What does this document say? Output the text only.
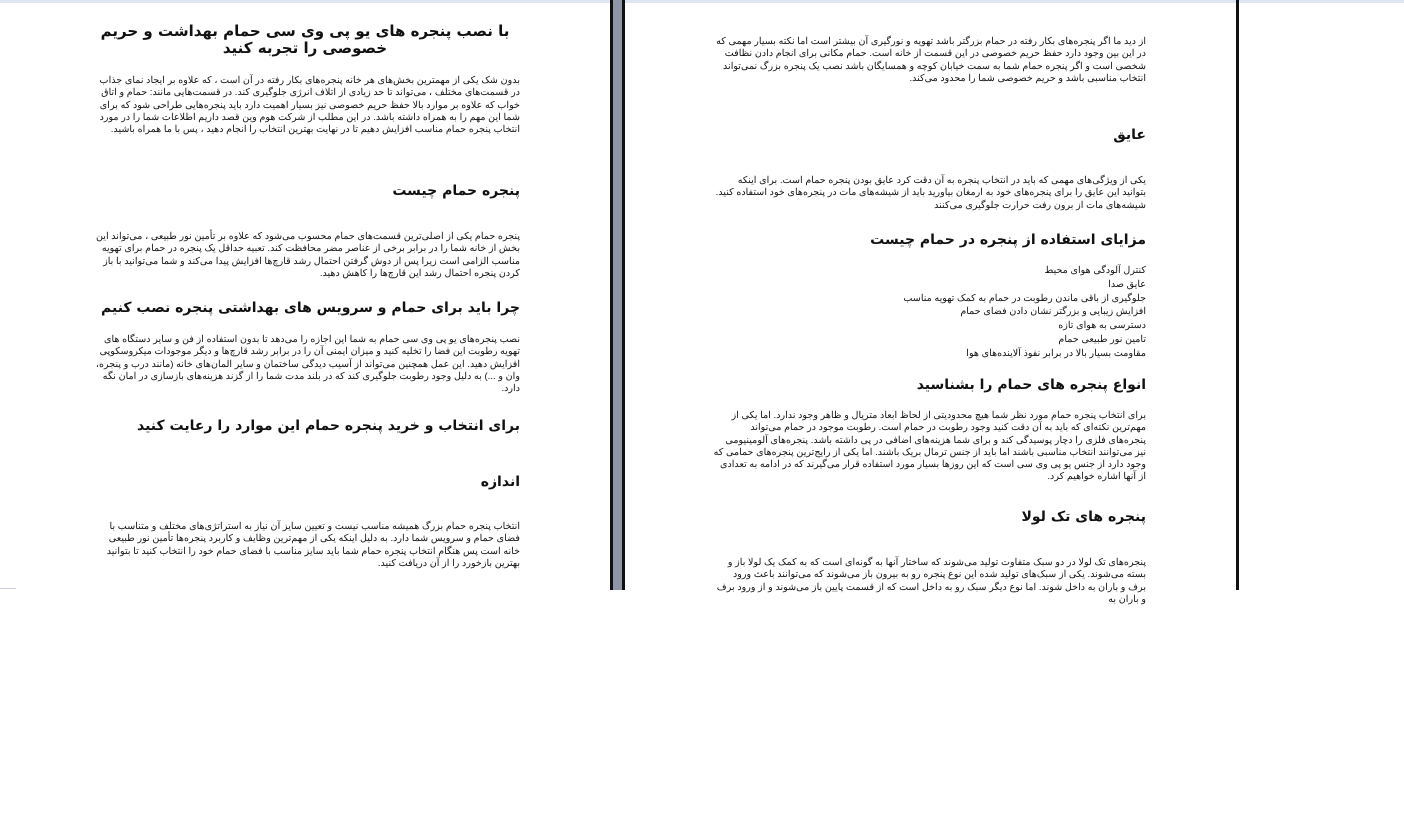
با نصب پنجره های یو پی وی سی حمام بهداشت و حریم خصوصی را تجربه کنید

بدون شک یکی از مهمترین بخش‌های هر خانه پنجره‌های بکار رفته در آن است ، که علاوه بر ایجاد نمای جذاب در قسمت‌های مختلف ، می‌تواند تا حد زیادی از اتلاف انرژی جلوگیری کند. در قسمت‌هایی مانند: حمام و اتاق خواب که علاوه بر موارد بالا حفظ حریم خصوصی نیز بسیار اهمیت دارد باید پنجره‌هایی طراحی شود که برای شما این مهم را به همراه داشته باشد. در این مطلب از شرکت هوم وین قصد داریم اطلاعات شما را در مورد انتخاب پنجره حمام مناسب افزایش دهیم تا در نهایت بهترین انتخاب را انجام دهید ، پس با ما همراه باشید.

پنجره حمام چیست

پنجره حمام یکی از اصلی‌ترین قسمت‌های حمام محسوب می‌شود که علاوه بر تأمین نور طبیعی ، می‌تواند این بخش از خانه شما را در برابر برخی از عناصر مضر محافظت کند. تعبیه حداقل یک پنجره در حمام برای تهویه مناسب الزامی است زیرا پس از دوش گرفتن احتمال رشد قارچ‌ها افزایش پیدا می‌کند و شما می‌توانید با باز کردن پنجره احتمال رشد این قارچ‌ها را کاهش دهید.

چرا باید برای حمام و سرویس های بهداشتی پنجره نصب کنیم

نصب پنجره‌های یو پی وی سی حمام به شما این اجازه را می‌دهد تا بدون استفاده از فن و سایر دستگاه های تهویه رطوبت این فضا را تخلیه کنید و میزان ایمنی آن را در برابر رشد قارچ‌ها و دیگر موجودات میکروسکوپی افزایش دهید. این عمل همچنین می‌تواند از آسیب دیدگی ساختمان و سایر المان‌های خانه (مانند درب و پنجره، وان و ...) به دلیل وجود رطوبت جلوگیری کند که در بلند مدت شما را از گزند هزینه‌های بازسازی در امان نگه دارد.

برای انتخاب و خرید پنجره حمام این موارد را رعایت کنید
اندازه

انتخاب پنجره حمام بزرگ همیشه مناسب نیست و تعیین سایز آن نیاز به استراتژی‌های مختلف و متناسب با فضای حمام و سرویس شما دارد. به دلیل اینکه یکی از مهم‌ترین وظایف و کاربرد پنجره‌ها تأمین نور طبیعی خانه است پس هنگام انتخاب پنجره حمام شما باید سایز مناسب با فضای حمام خود را انتخاب کنید تا بتوانید بهترین بازخورد را از آن دریافت کنید.

از دید ما اگر پنجره‌های بکار رفته در حمام بزرگتر باشد تهویه و نورگیری آن بیشتر است اما نکته بسیار مهمی که در این بین وجود دارد حفظ حریم خصوصی در این قسمت از خانه است. حمام مکانی برای انجام دادن نظافت شخصی است و اگر پنجره حمام شما به سمت خیابان کوچه و همسایگان باشد نصب یک پنجره بزرگ نمی‌تواند انتخاب مناسبی باشد و حریم خصوصی شما را محدود می‌کند.

عایق

یکی از ویژگی‌های مهمی که باید در انتخاب پنجره به آن دقت کرد عایق بودن پنجره حمام است. برای اینکه بتوانید این عایق را برای پنجره‌های خود به ارمغان بیاورید باید از شیشه‌های مات در پنجره‌های خود استفاده کنید. شیشه‌های مات از برون رفت حرارت جلوگیری می‌کنند

مزایای استفاده از پنجره در حمام چیست
کنترل آلودگی هوای محیط
عایق صدا
جلوگیری از باقی ماندن رطوبت در حمام به کمک تهویه مناسب
افزایش زیبایی و بزرگتر نشان دادن فضای حمام
دسترسی به هوای تازه
تامین نور طبیعی حمام
مقاومت بسیار بالا در برابر نفوذ آلاینده‌های هوا
انواع پنجره های حمام را بشناسید

برای انتخاب پنجره حمام مورد نظر شما هیچ محدودیتی از لحاظ ابعاد متریال و ظاهر وجود ندارد. اما یکی از مهم‌ترین نکته‌ای که باید به آن دقت کنید وجود رطوبت در حمام است. رطوبت موجود در حمام می‌تواند پنجره‌های فلزی را دچار پوسیدگی کند و برای شما هزینه‌های اضافی در پی داشته باشد. پنجره‌های آلومینیومی نیز می‌توانند انتخاب مناسبی باشند اما باید از جنس ترمال بریک باشند. اما یکی از رایج‌ترین پنجره‌های حمامی که وجود دارد از جنس یو پی وی سی است که این روزها بسیار مورد استفاده قرار می‌گیرند که در ادامه به تعدادی از آنها اشاره خواهیم کرد.

پنجره های تک لولا

پنجره‌های تک لولا در دو سبک متفاوت تولید می‌شوند که ساختار آنها به گونه‌ای است که به کمک یک لولا باز و بسته می‌شوند. یکی از سبک‌های تولید شده این نوع پنجره رو به بیرون باز می‌شوند که می‌توانند باعث ورود برف و باران به داخل شوند. اما نوع دیگر سبک رو به داخل است که از قسمت پایین باز می‌شوند و از ورود برف و باران به
